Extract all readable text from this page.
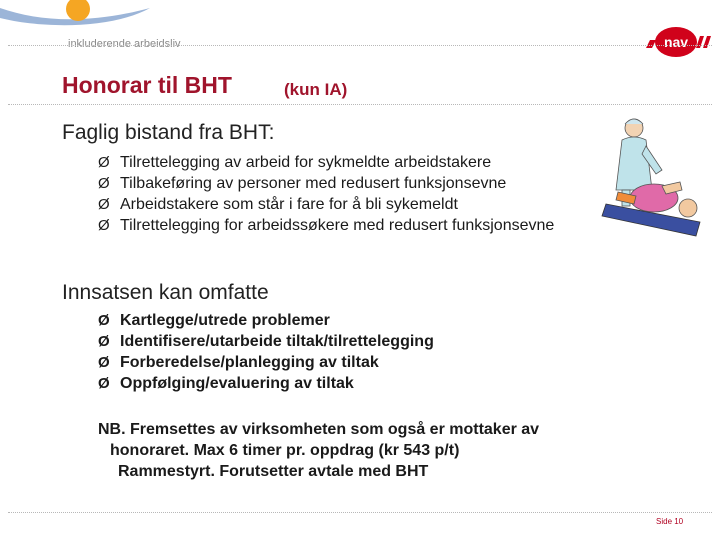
inkluderende arbeidsliv	nav
Honorar til BHT	(kun IA)
Faglig bistand fra BHT:
Ø Tilrettelegging av arbeid for sykmeldte arbeidstakere
Ø Tilbakeføring av personer med redusert funksjonsevne
Ø Arbeidstakere som står i fare for å bli sykemeldt
Ø Tilrettelegging for arbeidssøkere med redusert funksjonsevne
Innsatsen kan omfatte
Ø Kartlegge/utrede problemer
Ø Identifisere/utarbeide tiltak/tilrettelegging
Ø Forberedelse/planlegging av tiltak
Ø Oppfølging/evaluering av tiltak
NB. Fremsettes av virksomheten som også er mottaker av
honoraret. Max 6 timer pr. oppdrag (kr 543 p/t)
Rammestyrt. Forutsetter avtale med BHT
Side 10
